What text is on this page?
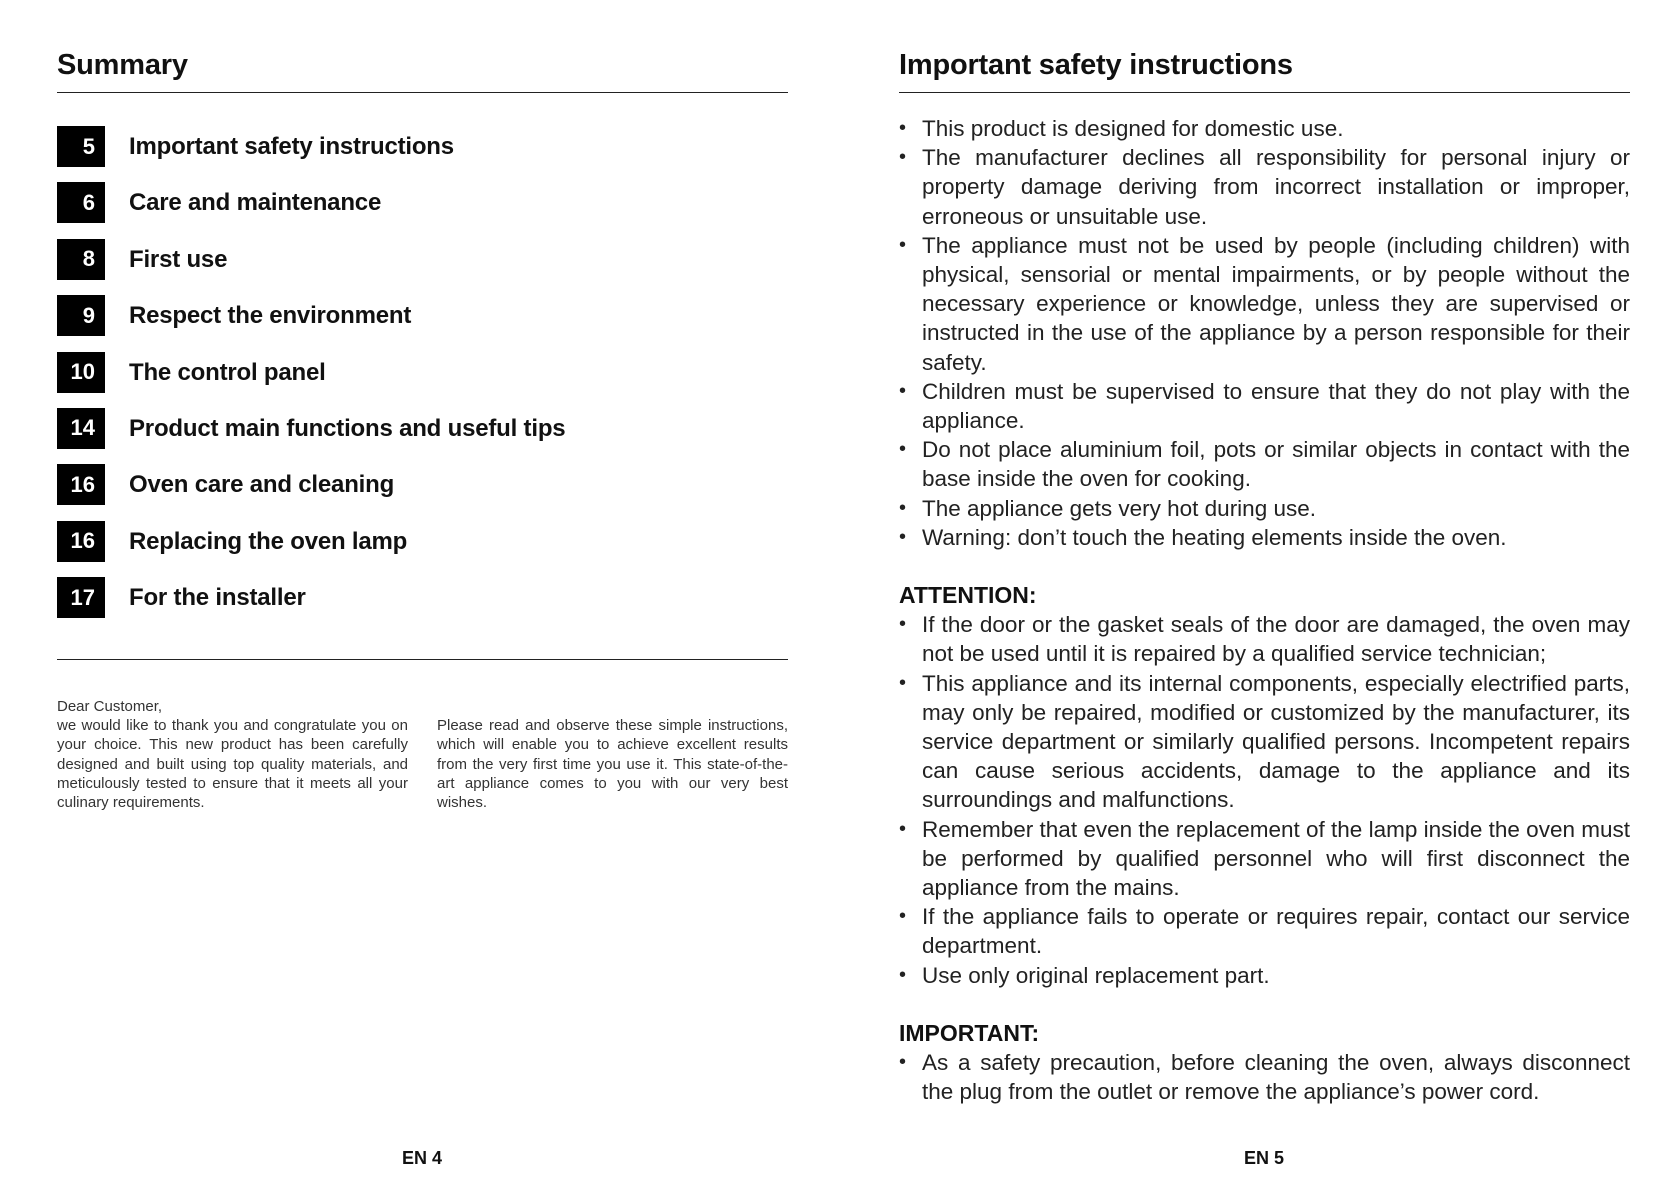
Summary
5	Important safety instructions
6	Care and maintenance
8	First use
9	Respect the environment
10	The control panel
14	Product main functions and useful tips
16	Oven care and cleaning
16	Replacing the oven lamp
17	For the installer
Dear Customer,

we would like to thank you and congratulate you on your choice. This new product has been carefully designed and built using top quality materials, and meticulously tested to ensure that it meets all your culinary requirements.

Please read and observe these simple instructions, which will enable you to achieve excellent results from the very first time you use it. This state-of-the-art appliance comes to you with our very best wishes.

EN 4
Important safety instructions
• This product is designed for domestic use.
• The manufacturer declines all responsibility for personal injury or property damage deriving from incorrect installation or improper, erroneous or unsuitable use.
• The appliance must not be used by people (including children) with physical, sensorial or mental impairments, or by people without the necessary experience or knowledge, unless they are supervised or instructed in the use of the appliance by a person responsible for their safety.
• Children must be supervised to ensure that they do not play with the appliance.
• Do not place aluminium foil, pots or similar objects in contact with the base inside the oven for cooking.
• The appliance gets very hot during use.
• Warning: don’t touch the heating elements inside the oven.
ATTENTION:
• If the door or the gasket seals of the door are damaged, the oven may not be used until it is repaired by a qualified service technician;
• This appliance and its internal components, especially electrified parts, may only be repaired, modified or customized by the manufacturer, its service department or similarly qualified persons. Incompetent repairs can cause serious accidents, damage to the appliance and its surroundings and malfunctions.
• Remember that even the replacement of the lamp inside the oven must be performed by qualified personnel who will first disconnect the appliance from the mains.
• If the appliance fails to operate or requires repair, contact our service department.
• Use only original replacement part.
IMPORTANT:
• As a safety precaution, before cleaning the oven, always disconnect the plug from the outlet or remove the appliance’s power cord.
EN 5
